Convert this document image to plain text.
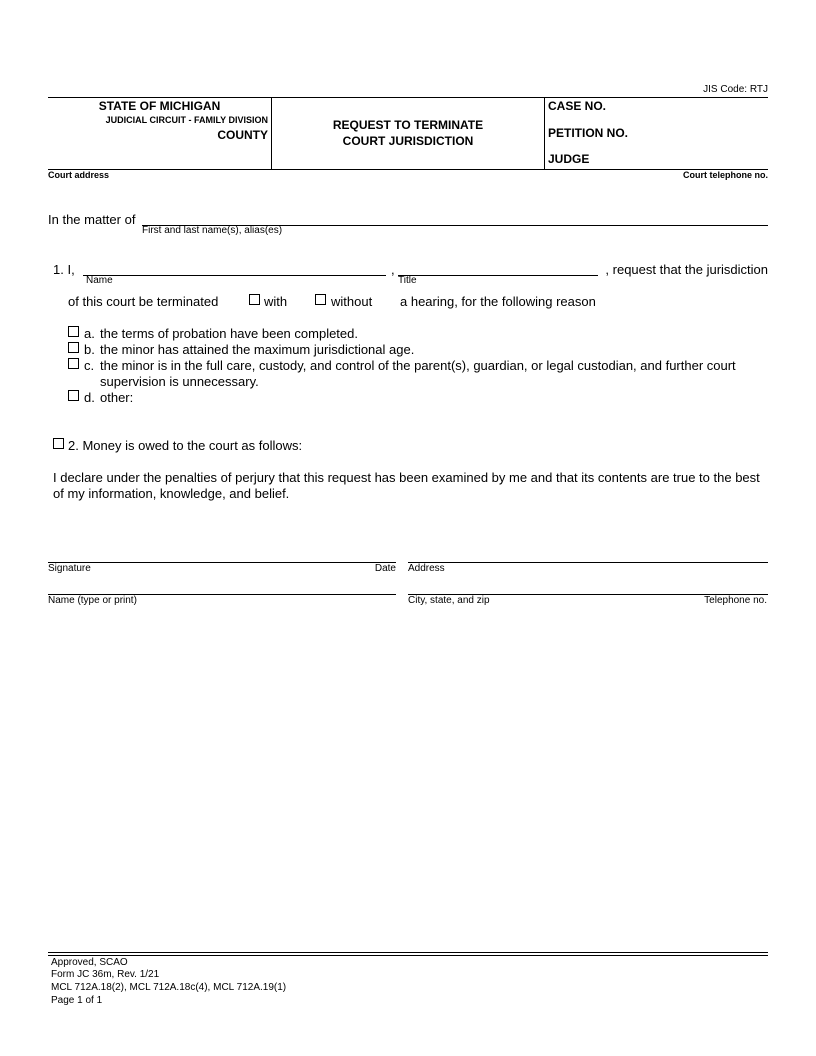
JIS Code: RTJ
STATE OF MICHIGAN
JUDICIAL CIRCUIT - FAMILY DIVISION
COUNTY
REQUEST TO TERMINATE
COURT JURISDICTION
CASE NO.
PETITION NO.
JUDGE
Court address	Court telephone no.
In the matter of
First and last name(s), alias(es)
1. I,
Name
,
Title
, request that the jurisdiction
of this court be terminated	with	without a hearing, for the following reason
a. the terms of probation have been completed.
b. the minor has attained the maximum jurisdictional age.
c. the minor is in the full care, custody, and control of the parent(s), guardian, or legal custodian, and further court
supervision is unnecessary.
d. other:
2. Money is owed to the court as follows:
I declare under the penalties of perjury that this request has been examined by me and that its contents are true to the best
of my information, knowledge, and belief.
Signature	Date Address
Name (type or print)	City, state, and zip	Telephone no.
Approved, SCAO
Form JC 36m, Rev. 1/21
MCL 712A.18(2), MCL 712A.18c(4), MCL 712A.19(1)
Page 1 of 1
